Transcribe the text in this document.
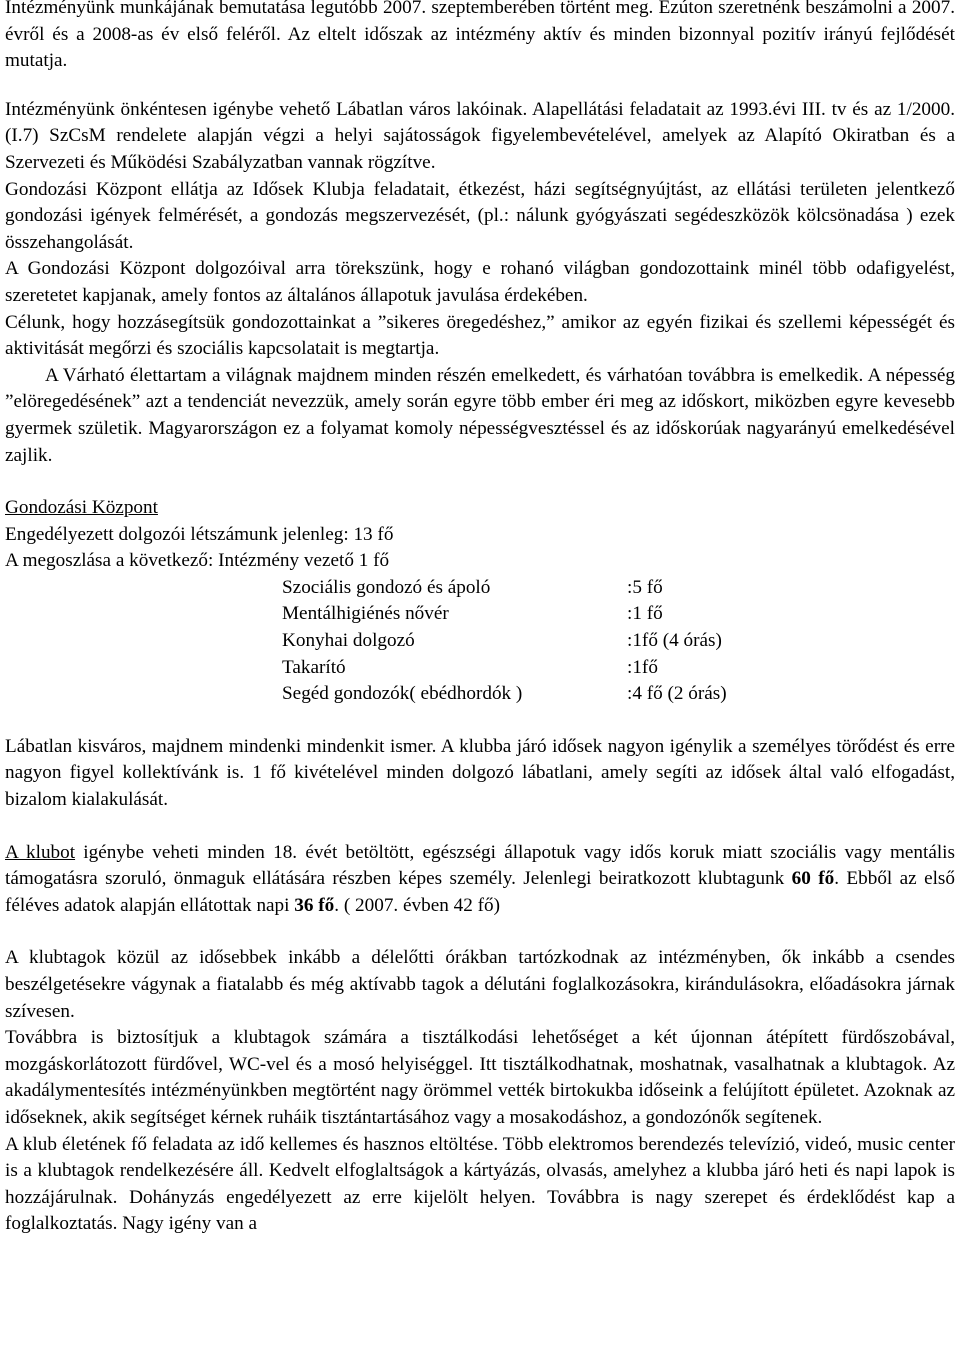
Intézményünk munkájának bemutatása legutóbb 2007. szeptemberében történt meg. Ezúton szeretnénk beszámolni a 2007. évről és a 2008-as év első feléről. Az eltelt időszak az intézmény aktív és minden bizonnyal pozitív irányú fejlődését mutatja.

Intézményünk önkéntesen igénybe vehető Lábatlan város lakóinak. Alapellátási feladatait az 1993.évi III. tv és az 1/2000.(I.7) SzCsM rendelete alapján végzi a helyi sajátosságok figyelembevételével, amelyek az Alapító Okiratban és a Szervezeti és Működési Szabályzatban vannak rögzítve.

Gondozási Központ ellátja az Idősek Klubja feladatait, étkezést, házi segítségnyújtást, az ellátási területen jelentkező gondozási igények felmérését, a gondozás megszervezését, (pl.: nálunk gyógyászati segédeszközök kölcsönadása ) ezek összehangolását.

A Gondozási Központ dolgozóival arra törekszünk, hogy e rohanó világban gondozottaink minél több odafigyelést, szeretetet kapjanak, amely fontos az általános állapotuk javulása érdekében.

Célunk, hogy hozzásegítsük gondozottainkat a ”sikeres öregedéshez,” amikor az egyén fizikai és szellemi képességét és aktivitását megőrzi és szociális kapcsolatait is megtartja.

A Várható élettartam a világnak majdnem minden részén emelkedett, és várhatóan továbbra is emelkedik. A népesség ”elöregedésének” azt a tendenciát nevezzük, amely során egyre több ember éri meg az időskort, miközben egyre kevesebb gyermek születik. Magyarországon ez a folyamat komoly népességvesztéssel és az időskorúak nagyarányú emelkedésével zajlik.

Gondozási Központ

Engedélyezett dolgozói létszámunk jelenleg: 13 fő

A megoszlása a következő: Intézmény vezető 1 fő

Szociális gondozó és ápoló	:5 fő
Mentálhigiénés nővér	:1 fő
Konyhai dolgozó	:1fő (4 órás)
Takarító	:1fő
Segéd gondozók( ebédhordók )	:4 fő (2 órás)

Lábatlan kisváros, majdnem mindenki mindenkit ismer. A klubba járó idősek nagyon igénylik a személyes törődést és erre nagyon figyel kollektívánk is. 1 fő kivételével minden dolgozó lábatlani, amely segíti az idősek által való elfogadást, bizalom kialakulását.

A klubot igénybe veheti minden 18. évét betöltött, egészségi állapotuk vagy idős koruk miatt szociális vagy mentális támogatásra szoruló, önmaguk ellátására részben képes személy. Jelenlegi beiratkozott klubtagunk 60 fő. Ebből az első féléves adatok alapján ellátottak napi 36 fő. ( 2007. évben 42 fő)

A klubtagok közül az idősebbek inkább a délelőtti órákban tartózkodnak az intézményben, ők inkább a csendes beszélgetésekre vágynak a fiatalabb és még aktívabb tagok a délutáni foglalkozásokra, kirándulásokra, előadásokra járnak szívesen.

Továbbra is biztosítjuk a klubtagok számára a tisztálkodási lehetőséget a két újonnan átépített fürdőszobával, mozgáskorlátozott fürdővel, WC-vel és a mosó helyiséggel. Itt tisztálkodhatnak, moshatnak, vasalhatnak a klubtagok. Az akadálymentesítés intézményünkben megtörtént nagy örömmel vették birtokukba időseink a felújított épületet. Azoknak az időseknek, akik segítséget kérnek ruháik tisztántartásához vagy a mosakodáshoz, a gondozónők segítenek.

A klub életének fő feladata az idő kellemes és hasznos eltöltése. Több elektromos berendezés televízió, videó, music center is a klubtagok rendelkezésére áll. Kedvelt elfoglaltságok a kártyázás, olvasás, amelyhez a klubba járó heti és napi lapok is hozzájárulnak. Dohányzás engedélyezett az erre kijelölt helyen. Továbbra is nagy szerepet és érdeklődést kap a foglalkoztatás. Nagy igény van a
